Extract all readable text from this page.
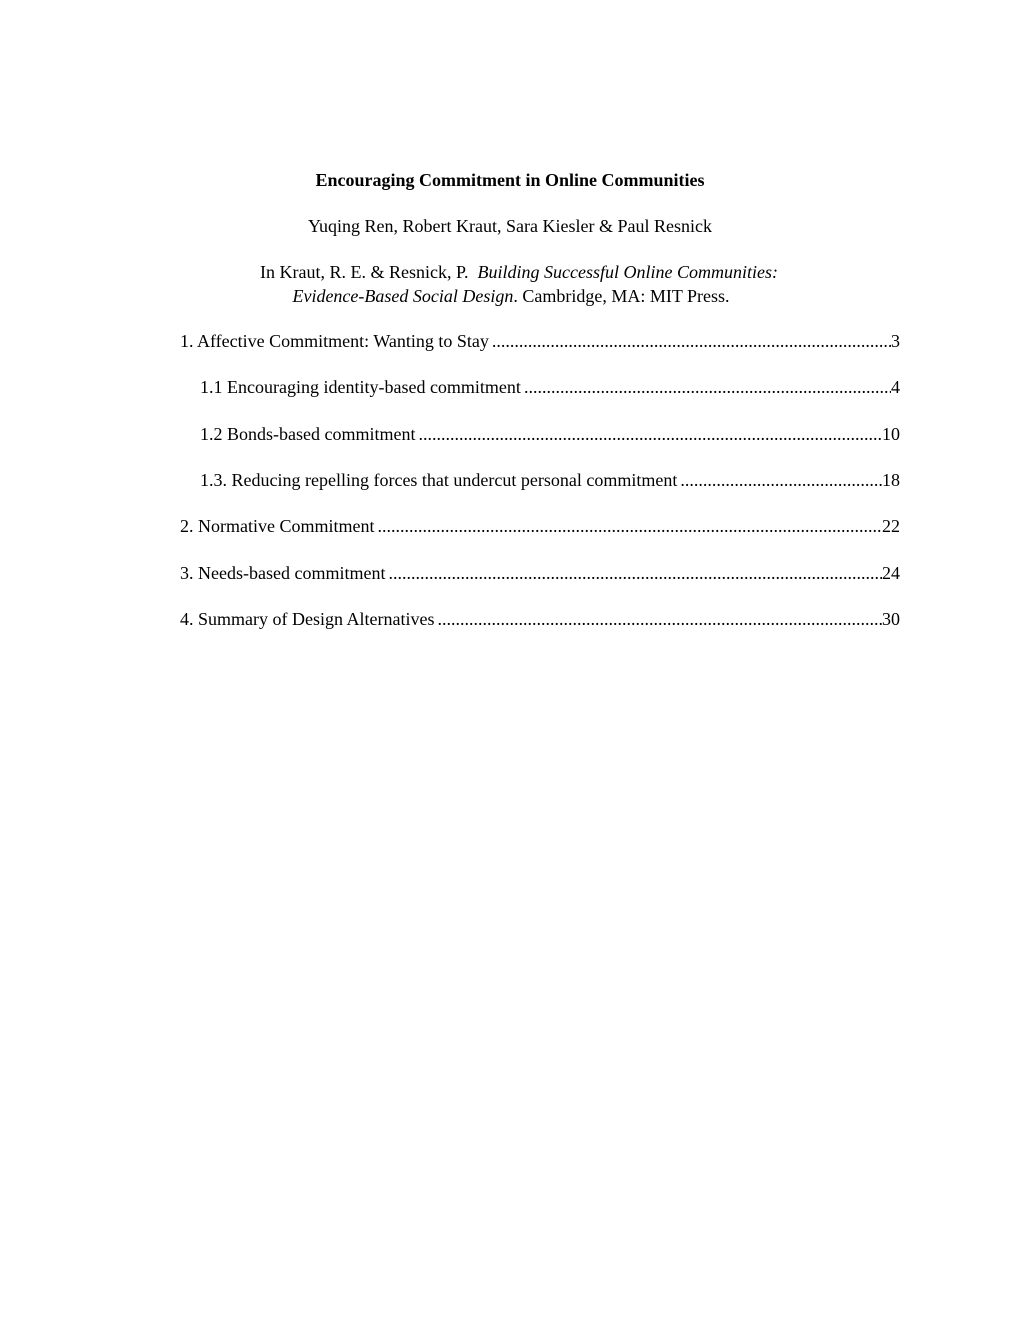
Encouraging Commitment in Online Communities
Yuqing Ren, Robert Kraut, Sara Kiesler & Paul Resnick
In Kraut, R. E. & Resnick, P.  Building Successful Online Communities:
Evidence-Based Social Design. Cambridge, MA: MIT Press.
1. Affective Commitment: Wanting to Stay .....	3
1.1 Encouraging identity-based commitment .....	4
1.2 Bonds-based commitment .....	10
1.3. Reducing repelling forces that undercut personal commitment .....	18
2. Normative Commitment .....	22
3. Needs-based commitment .....	24
4. Summary of Design Alternatives .....	30
